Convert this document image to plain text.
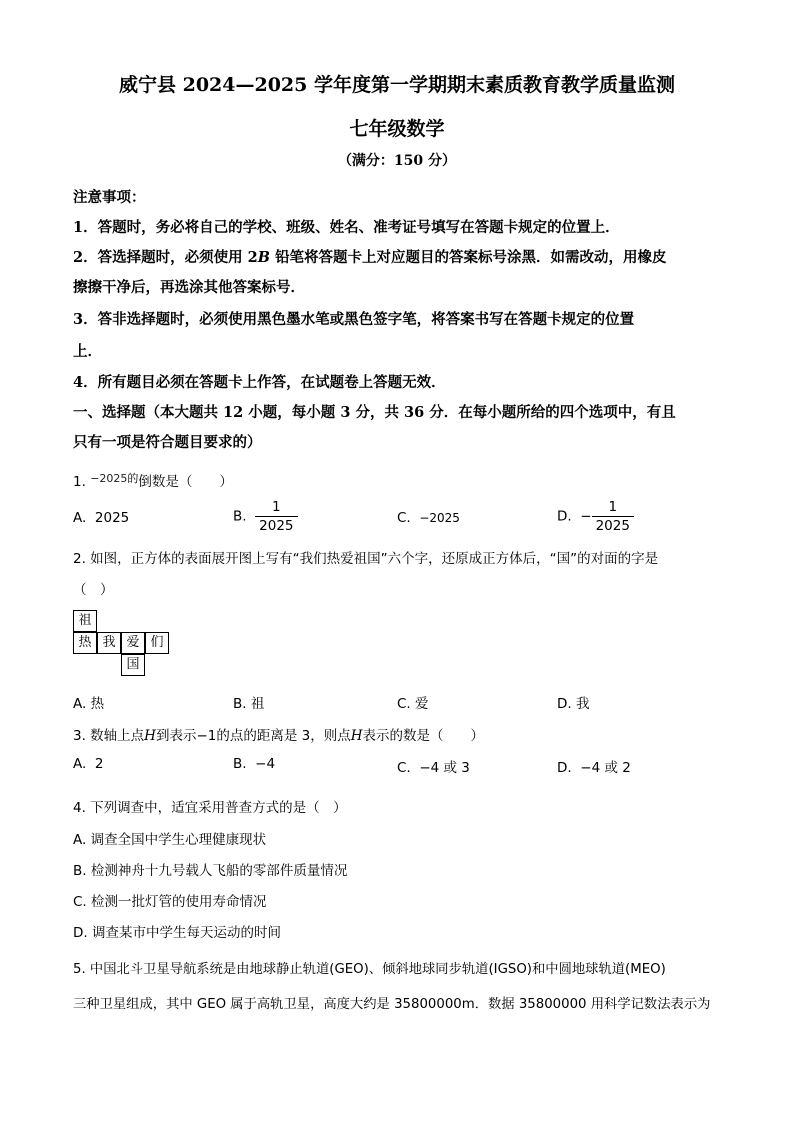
威宁县 2024—2025 学年度第一学期期末素质教育教学质量监测
七年级数学
（满分：150 分）
注意事项：
1．答题时，务必将自己的学校、班级、姓名、准考证号填写在答题卡规定的位置上．
2．答选择题时，必须使用 2B 铅笔将答题卡上对应题目的答案标号涂黑．如需改动，用橡皮
擦擦干净后，再选涂其他答案标号．
3．答非选择题时，必须使用黑色墨水笔或黑色签字笔，将答案书写在答题卡规定的位置
上．
4．所有题目必须在答题卡上作答，在试题卷上答题无效．
一、选择题（本大题共 12 小题，每小题 3 分，共 36 分．在每小题所给的四个选项中，有且
只有一项是符合题目要求的）
1. $^{-2025的}$倒数是（　　）
A. 2025	B. $\frac{1}{2025}$	C. −2025	D. − $\frac{1}{2025}$
2. 如图，正方体的表面展开图上写有“我们热爱祖国”六个字，还原成正方体后，“国”的对面的字是
（　）
祖
热 我 爱 们
国
A. 热	B. 祖	C. 爱	D. 我
3. 数轴上点H到表示−1的点的距离是 3，则点H表示的数是（　　）
A. 2	B. −4	C. −4 或 3	D. −4 或 2
4. 下列调查中，适宜采用普查方式的是（　）
A. 调查全国中学生心理健康现状
B. 检测神舟十九号载人飞船的零部件质量情况
C. 检测一批灯管的使用寿命情况
D. 调查某市中学生每天运动的时间
5. 中国北斗卫星导航系统是由地球静止轨道(GEO)、倾斜地球同步轨道(IGSO)和中圆地球轨道(MEO)
三种卫星组成，其中 GEO 属于高轨卫星，高度大约是 35800000m．数据 35800000 用科学记数法表示为
